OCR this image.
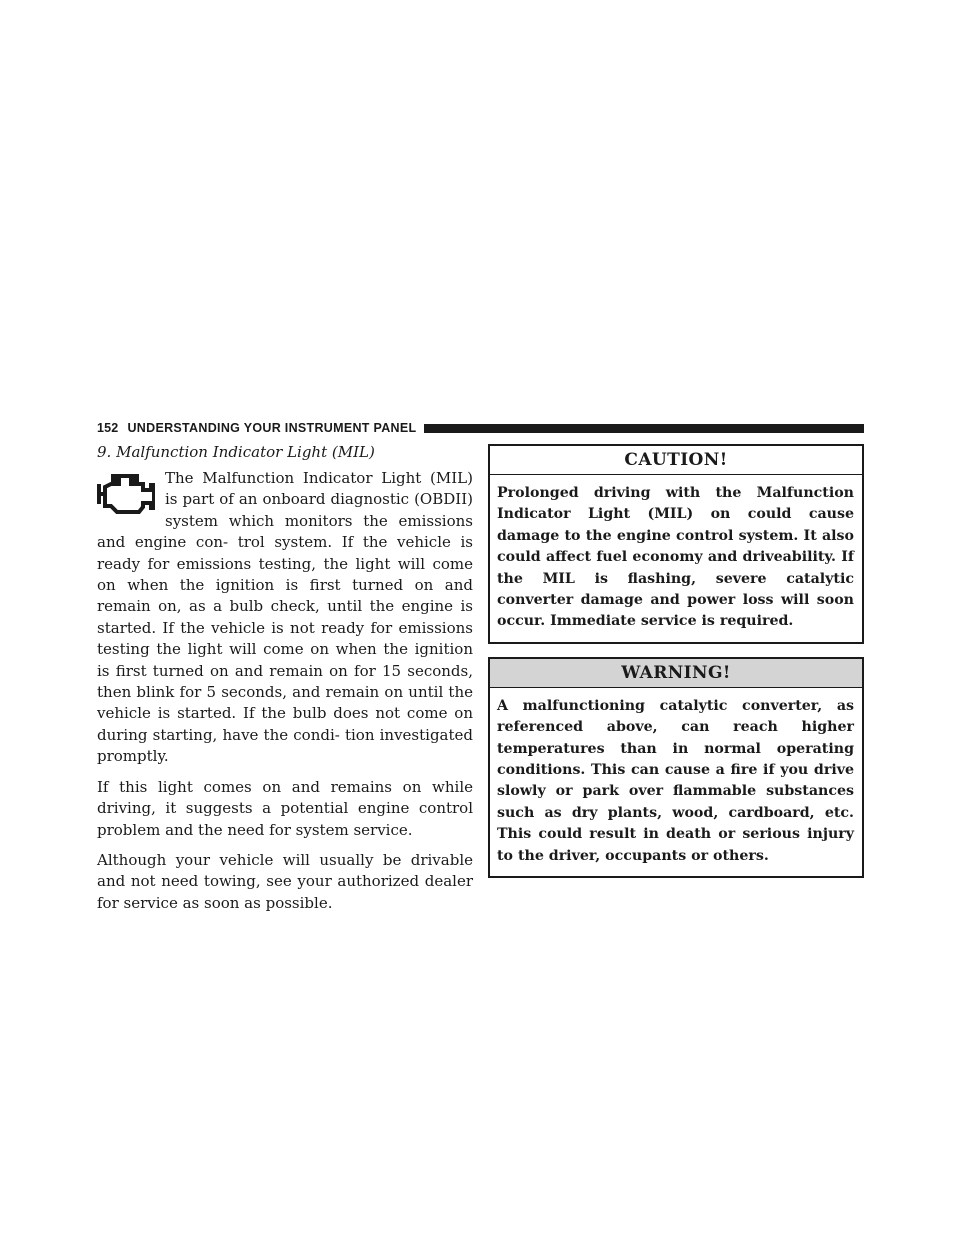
152 UNDERSTANDING YOUR INSTRUMENT PANEL
9. Malfunction Indicator Light (MIL)

The Malfunction Indicator Light (MIL) is part of an onboard diagnostic (OBDII) system which monitors the emissions and engine con- trol system. If the vehicle is ready for emissions testing, the light will come on when the ignition is first turned on and remain on, as a bulb check, until the engine is started. If the vehicle is not ready for emissions testing the light will come on when the ignition is first turned on and remain on for 15 seconds, then blink for 5 seconds, and remain on until the vehicle is started. If the bulb does not come on during starting, have the condi- tion investigated promptly.

If this light comes on and remains on while driving, it suggests a potential engine control problem and the need for system service.

Although your vehicle will usually be drivable and not need towing, see your authorized dealer for service as soon as possible.

CAUTION!
Prolonged driving with the Malfunction Indicator Light (MIL) on could cause damage to the engine control system. It also could affect fuel economy and driveability. If the MIL is flashing, severe catalytic converter damage and power loss will soon occur. Immediate service is required.
WARNING!
A malfunctioning catalytic converter, as referenced above, can reach higher temperatures than in normal operating conditions. This can cause a fire if you drive slowly or park over flammable substances such as dry plants, wood, cardboard, etc. This could result in death or serious injury to the driver, occupants or others.
